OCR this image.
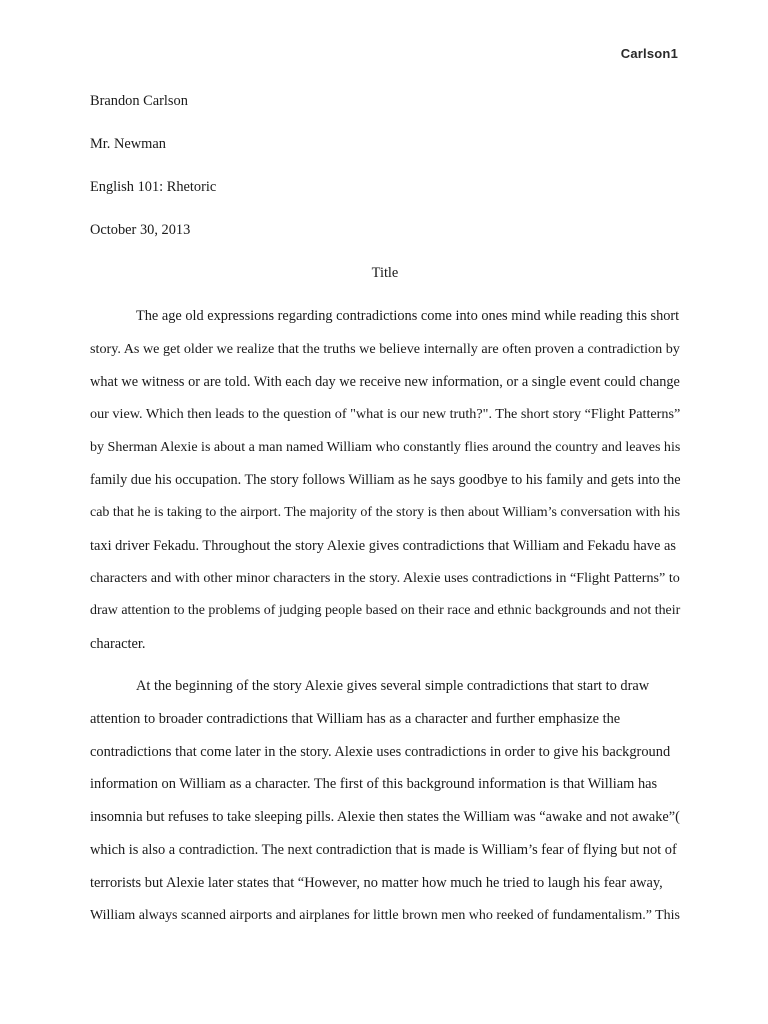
Carlson1
Brandon Carlson
Mr. Newman
English 101: Rhetoric
October 30, 2013
Title
The age old expressions regarding contradictions come into ones mind while reading this short
story. As we get older we realize that the truths we believe internally are often proven a contradiction by
what we witness or are told. With each day we receive new information, or a single event could change
our view. Which then leads to the question of "what is our new truth?". The short story “Flight Patterns”
by Sherman Alexie is about a man named William who constantly flies around the country and leaves his
family due his occupation. The story follows William as he says goodbye to his family and gets into the
cab that he is taking to the airport. The majority of the story is then about William’s conversation with his
taxi driver Fekadu. Throughout the story Alexie gives contradictions that William and Fekadu have as
characters and with other minor characters in the story. Alexie uses contradictions in “Flight Patterns” to
draw attention to the problems of judging people based on their race and ethnic backgrounds and not their
character.
At the beginning of the story Alexie gives several simple contradictions that start to draw
attention to broader contradictions that William has as a character and further emphasize the
contradictions that come later in the story. Alexie uses contradictions in order to give his background
information on William as a character. The first of this background information is that William has
insomnia but refuses to take sleeping pills. Alexie then states the William was “awake and not awake”(
which is also a contradiction. The next contradiction that is made is William’s fear of flying but not of
terrorists but Alexie later states that “However, no matter how much he tried to laugh his fear away,
William always scanned airports and airplanes for little brown men who reeked of fundamentalism.” This
